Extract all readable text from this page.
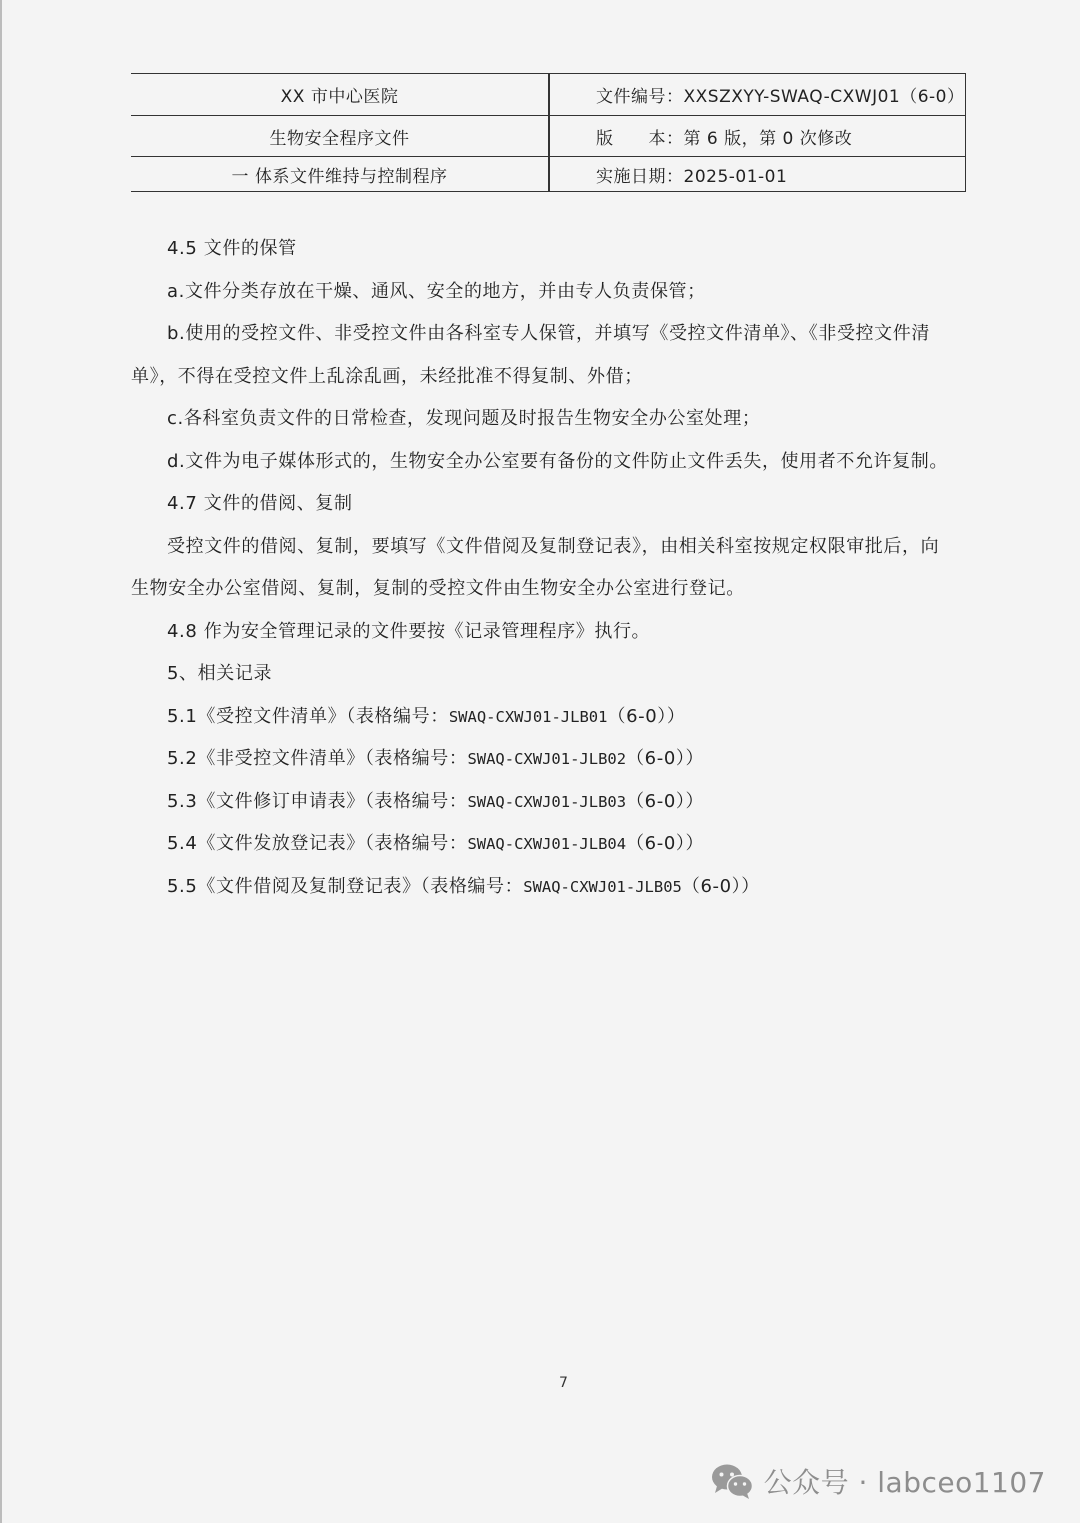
XX 市中心医院	文件编号：XXSZXYY-SWAQ-CXWJ01（6-0）
生物安全程序文件	版　　本：第 6 版，第 0 次修改
一 体系文件维持与控制程序	实施日期：2025-01-01
4.5 文件的保管
a.文件分类存放在干燥、通风、安全的地方，并由专人负责保管；
b.使用的受控文件、非受控文件由各科室专人保管，并填写《受控文件清单》、《非受控文件清
单》，不得在受控文件上乱涂乱画，未经批准不得复制、外借；
c.各科室负责文件的日常检查，发现问题及时报告生物安全办公室处理；
d.文件为电子媒体形式的，生物安全办公室要有备份的文件防止文件丢失，使用者不允许复制。
4.7 文件的借阅、复制
受控文件的借阅、复制，要填写《文件借阅及复制登记表》，由相关科室按规定权限审批后，向
生物安全办公室借阅、复制，复制的受控文件由生物安全办公室进行登记。
4.8 作为安全管理记录的文件要按《记录管理程序》执行。
5、相关记录
5.1《受控文件清单》（表格编号：SWAQ-CXWJ01-JLB01（6-0））
5.2《非受控文件清单》（表格编号：SWAQ-CXWJ01-JLB02（6-0））
5.3《文件修订申请表》（表格编号：SWAQ-CXWJ01-JLB03（6-0））
5.4《文件发放登记表》（表格编号：SWAQ-CXWJ01-JLB04（6-0））
5.5《文件借阅及复制登记表》（表格编号：SWAQ-CXWJ01-JLB05（6-0））
7
公众号 · labceo1107
